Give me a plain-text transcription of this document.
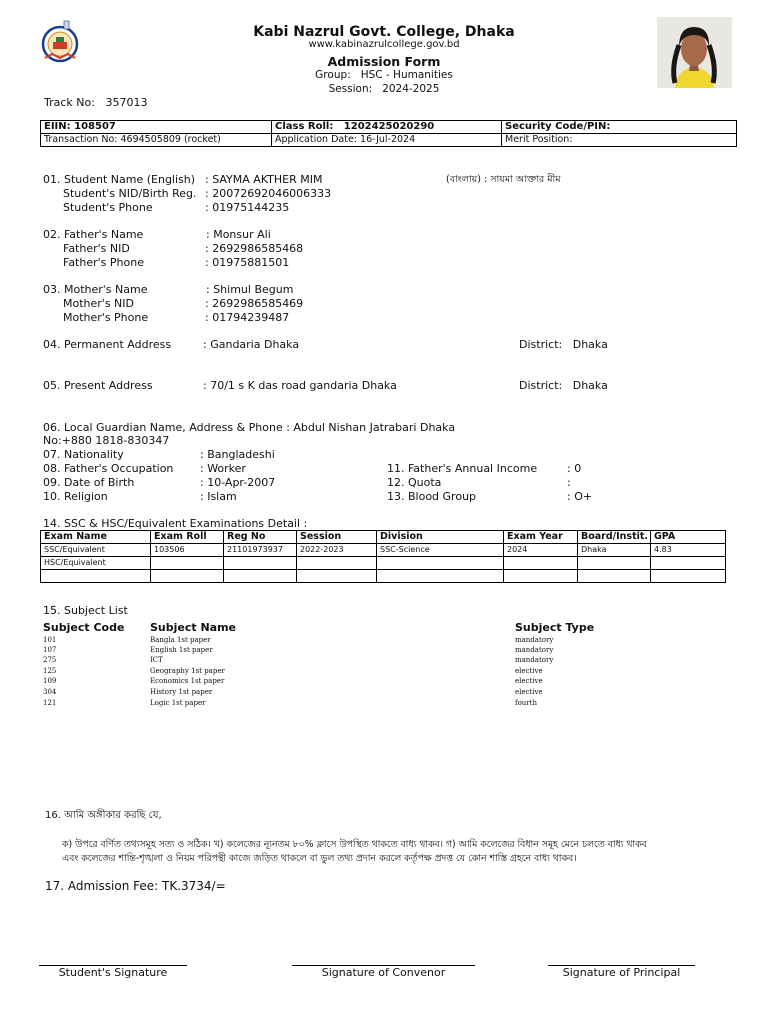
Kabi Nazrul Govt. College, Dhaka
www.kabinazrulcollege.gov.bd
Admission Form
Group: HSC - Humanities
Session: 2024-2025
Track No: 357013
EIIN: 108507	Class Roll: 1202425020290	Security Code/PIN:
Transaction No: 4694505809 (rocket)	Application Date: 16-Jul-2024	Merit Position:
01. Student Name (English) : SAYMA AKTHER MIM	(বাংলায়) : সায়মা আক্তার মীম
Student's NID/Birth Reg. : 20072692046006333
Student's Phone	: 01975144235
02. Father's Name	: Monsur Ali
Father's NID	: 2692986585468
Father's Phone	: 01975881501
03. Mother's Name	: Shimul Begum
Mother's NID	: 2692986585469
Mother's Phone	: 01794239487
04. Permanent Address	: Gandaria Dhaka	District: Dhaka
05. Present Address	: 70/1 s K das road gandaria Dhaka	District: Dhaka
06. Local Guardian Name, Address & Phone : Abdul Nishan Jatrabari Dhaka
No:+880 1818-830347
07. Nationality	: Bangladeshi
08. Father's Occupation : Worker
09. Date of Birth	: 10-Apr-2007
10. Religion	: Islam
11. Father's Annual Income	: 0
12. Quota	:
13. Blood Group	: O+
14. SSC & HSC/Equivalent Examinations Detail :
Exam Name	Exam Roll	Reg No	Session	Division	Exam Year	Board/Instit.	GPA
SSC/Equivalent	103506	21101973937	2022-2023	SSC-Science	2024	Dhaka	4.83
HSC/Equivalent							

15. Subject List
Subject Code Subject Name	Subject Type
101	Bangla 1st paper	mandatory
107	English 1st paper	mandatory
275	ICT	mandatory
125	Geography 1st paper	elective
109	Economics 1st paper	elective
304	History 1st paper	elective
121	Logic 1st paper	fourth
16. আমি অঙ্গীকার করছি যে,
ক) উপরে বর্ণিত তথ্যসমূহ সত্য ও সঠিক। খ) কলেজের ন্যূনতম ৮০% ক্লাসে উপস্থিত থাকতে বাধ্য থাকব। গ) আমি কলেজের বিধান সমূহ মেনে চলতে বাধ্য থাকব
এবং কলেজের শান্তি-শৃঙ্খলা ও নিয়ম পরিপন্থী কাজে জড়িত থাকলে বা ভুল তথ্য প্রদান করলে কর্তৃপক্ষ প্রদত্ত যে কোন শাস্তি গ্রহনে বাধ্য থাকব।
17. Admission Fee: TK.3734/=
Student's Signature	Signature of Convenor	Signature of Principal
